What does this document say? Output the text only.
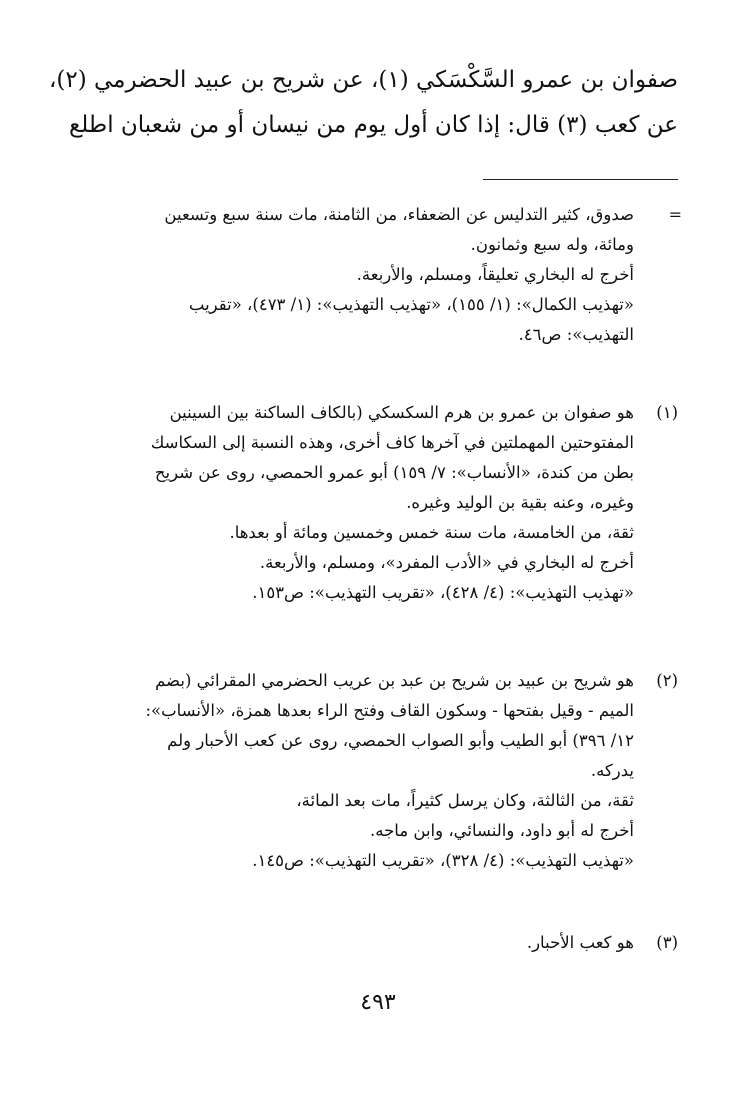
صفوان بن عمرو السَّكْسَكي (١)، عن شريح بن عبيد الحضرمي (٢)،
عن كعب (٣) قال: إذا كان أول يوم من نيسان أو من شعبان اطلع
=
صدوق، كثير التدليس عن الضعفاء، من الثامنة، مات سنة سبع وتسعين
ومائة، وله سبع وثمانون.
أخرج له البخاري تعليقاً، ومسلم، والأربعة.
«تهذيب الكمال»: (١/ ١٥٥)، «تهذيب التهذيب»: (١/ ٤٧٣)، «تقريب
التهذيب»: ص٤٦.
(١)
هو صفوان بن عمرو بن هرم السكسكي (بالكاف الساكنة بين السينين
المفتوحتين المهملتين في آخرها كاف أخرى، وهذه النسبة إلى السكاسك
بطن من كندة، «الأنساب»: ٧/ ١٥٩) أبو عمرو الحمصي، روى عن شريح
وغيره، وعنه بقية بن الوليد وغيره.
ثقة، من الخامسة، مات سنة خمس وخمسين ومائة أو بعدها.
أخرج له البخاري في «الأدب المفرد»، ومسلم، والأربعة.
«تهذيب التهذيب»: (٤/ ٤٢٨)، «تقريب التهذيب»: ص١٥٣.
(٢)
هو شريح بن عبيد بن شريح بن عبد بن عريب الحضرمي المقرائي (بضم
الميم - وقيل بفتحها - وسكون القاف وفتح الراء بعدها همزة، «الأنساب»:
١٢/ ٣٩٦) أبو الطيب وأبو الصواب الحمصي، روى عن كعب الأحبار ولم
يدركه.
ثقة، من الثالثة، وكان يرسل كثيراً، مات بعد المائة،
أخرج له أبو داود، والنسائي، وابن ماجه.
«تهذيب التهذيب»: (٤/ ٣٢٨)، «تقريب التهذيب»: ص١٤٥.
(٣)
هو كعب الأحبار.
٤٩٣
